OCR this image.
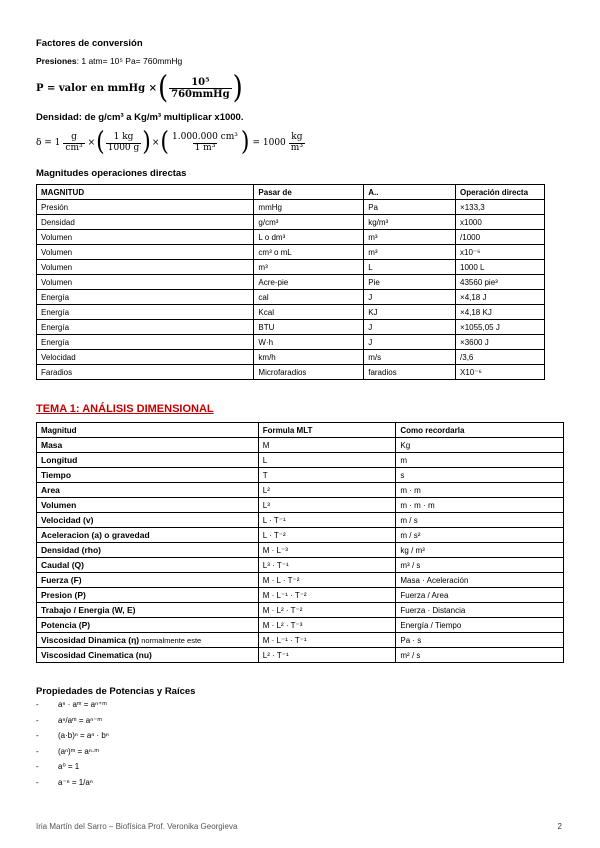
Factores de conversión
Presiones: 1 atm= 10⁵ Pa= 760mmHg
P = valor en mmHg × ( $\frac{\text{10⁵}}{\text{760mmHg}}$ )
Densidad: de g/cm³ a Kg/m³ multiplicar x1000.
$\delta = 1 \frac{g}{\text{cm³}}$ × ( $\frac{1 kg}{1000 g}$ ) × ( $\frac{\text{1.000.000 cm³}}{\text{1 m³}}$ ) = $1000 \frac{kg}{\text{m³}}$
Magnitudes operaciones directas
MAGNITUD	Pasar de	A..	Operación directa
Presión	mmHg	Pa	×133,3
Densidad	g/cm³	kg/m³	x1000
Volumen	L o dm³	m³	/1000
Volumen	cm³ o mL	m³	x10⁻⁶
Volumen	m³	L	1000 L
Volumen	Acre-pie	Pie	43560 pie³
Energía	cal	J	×4,18 J
Energía	Kcal	KJ	×4,18 KJ
Energía	BTU	J	×1055,05 J
Energía	W·h	J	×3600 J
Velocidad	km/h	m/s	/3,6
Faradios	Microfaradios	faradios	X10⁻⁶
TEMA 1: ANÁLISIS DIMENSIONAL
Magnitud	Formula MLT	Como recordarla
Masa	M	Kg
Longitud	L	m
Tiempo	T	s
Area	L²	m · m
Volumen	L³	m · m · m
Velocidad (v)	L · T⁻¹	m / s
Aceleracion (a) o gravedad	L · T⁻²	m / s²
Densidad (rho)	M · L⁻³	kg / m³
Caudal (Q)	L³ · T⁻¹	m³ / s
Fuerza (F)	M · L · T⁻²	Masa · Aceleración
Presion (P)	M · L⁻¹ · T⁻²	Fuerza / Area
Trabajo / Energia (W, E)	M · L² · T⁻²	Fuerza · Distancia
Potencia (P)	M · L² · T⁻³	Energía / Tiempo
Viscosidad Dinamica (η) normalmente este	M · L⁻¹ · T⁻¹	Pa · s
Viscosidad Cinematica (nu)	L² · T⁻¹	m² / s
Propiedades de Potencias y Raíces
-	aⁿ · aᵐ = aⁿ⁺ᵐ
-	aⁿ/aᵐ = aⁿ⁻ᵐ
-	(a·b)ⁿ = aⁿ · bⁿ
-	(aⁿ)ᵐ = aⁿ·ᵐ
-	a⁰ = 1
-	a⁻ⁿ = 1/aⁿ
Iria Martín del Sarro – Biofísica Prof. Veronika Georgieva	2
